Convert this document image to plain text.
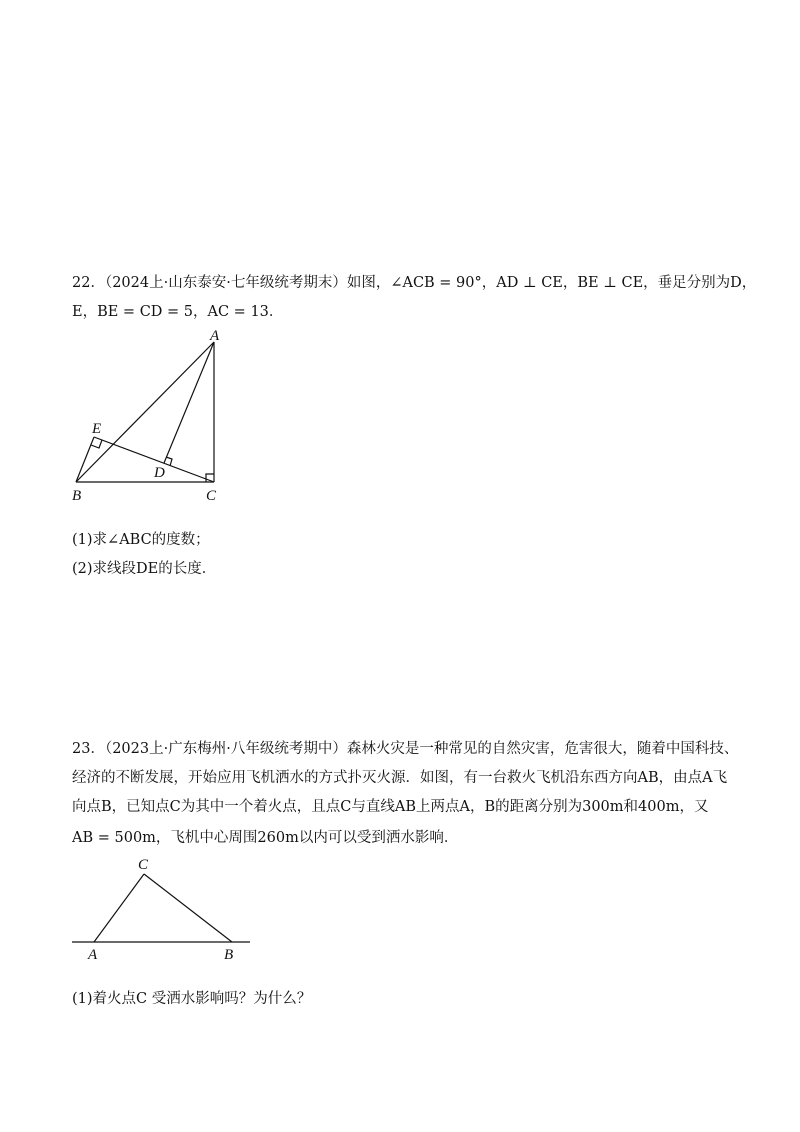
22．（2024上·山东泰安·七年级统考期末）如图，∠ACB = 90°，AD ⊥ CE，BE ⊥ CE，垂足分别为D，
E，BE = CD = 5，AC = 13．
A
E
D
B	C
(1)求∠ABC的度数；
(2)求线段DE的长度．
23．（2023上·广东梅州·八年级统考期中）森林火灾是一种常见的自然灾害，危害很大，随着中国科技、
经济的不断发展，开始应用飞机洒水的方式扑灭火源．如图，有一台救火飞机沿东西方向AB，由点A飞
向点B，已知点C为其中一个着火点，且点C与直线AB上两点A，B的距离分别为300m和400m，又
AB = 500m，飞机中心周围260m以内可以受到洒水影响．
C
A	B
(1)着火点C 受洒水影响吗？为什么？
